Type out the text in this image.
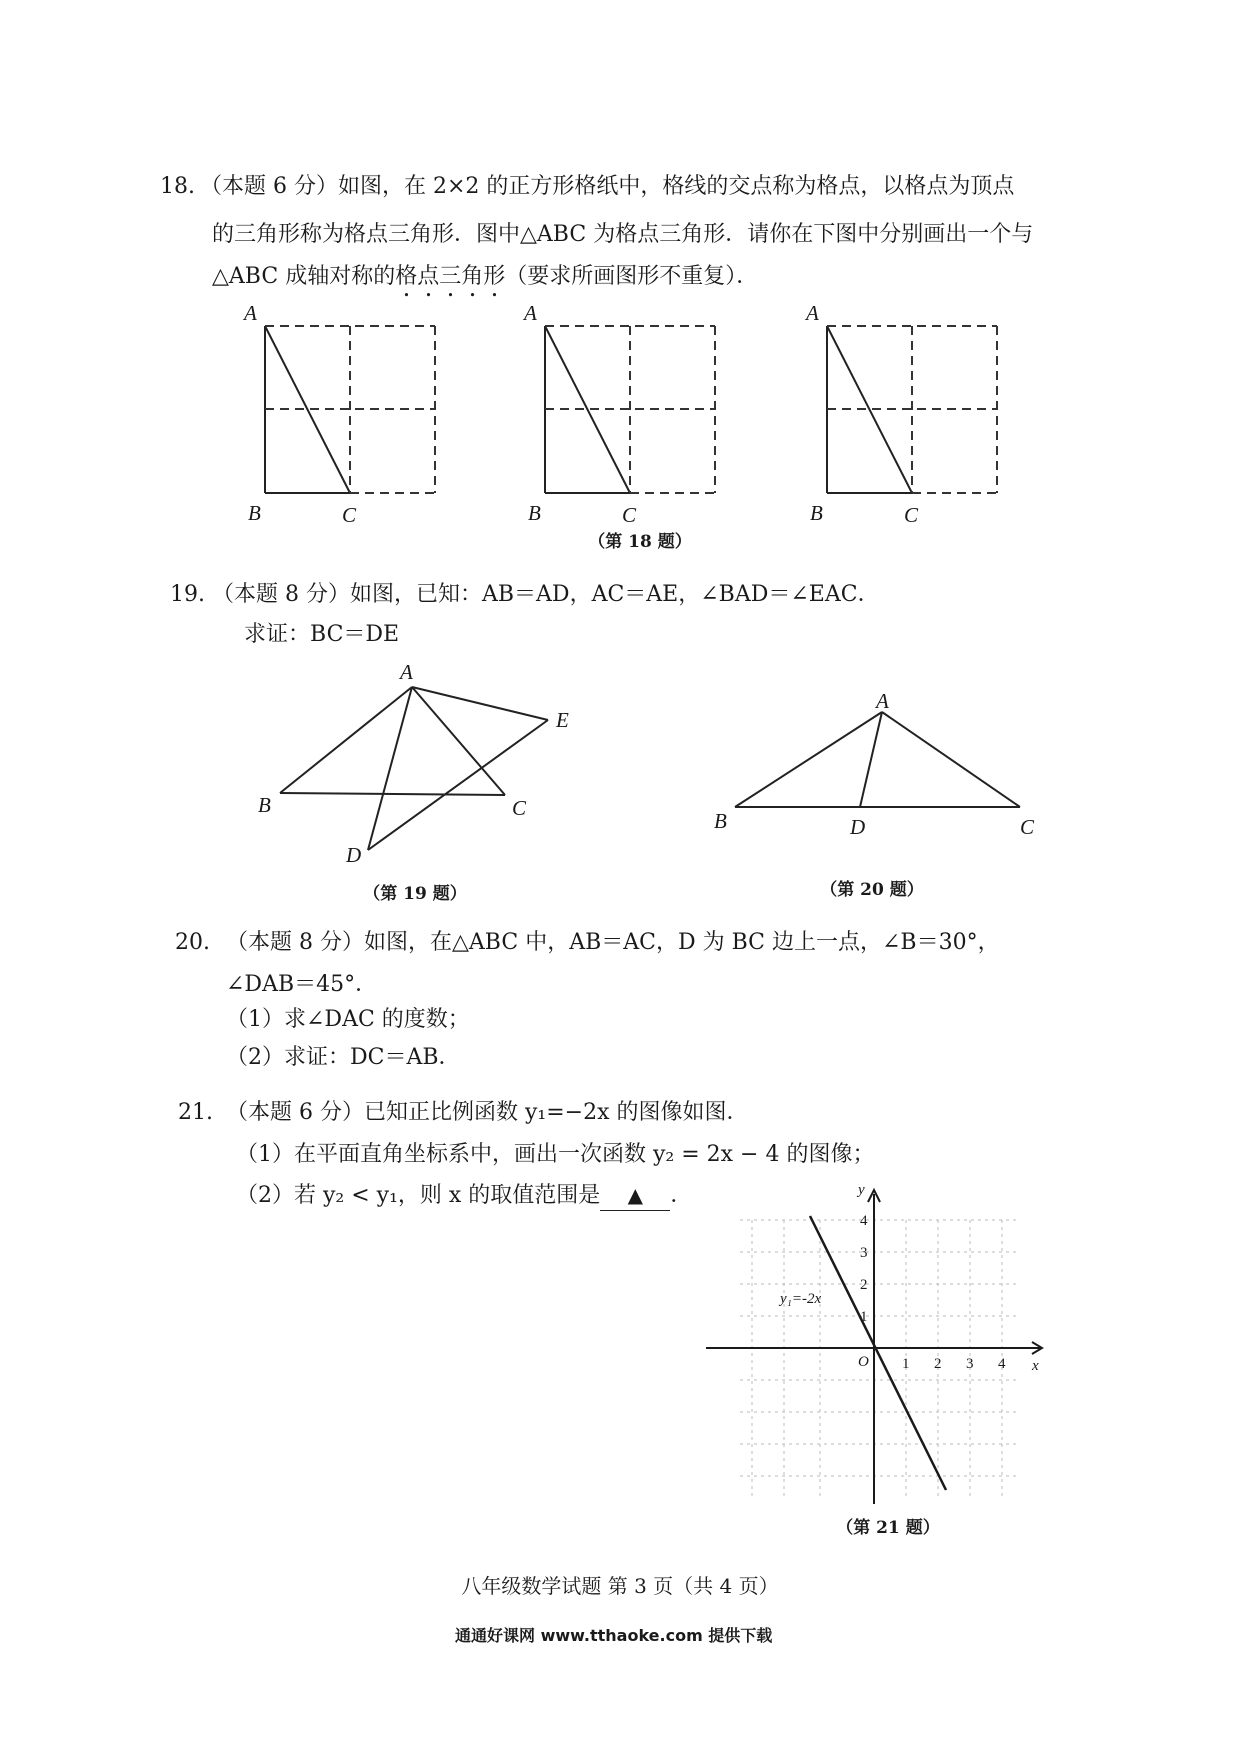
18. （本题 6 分）如图，在 2×2 的正方形格纸中，格线的交点称为格点，以格点为顶点
的三角形称为格点三角形．图中△ABC 为格点三角形．请你在下图中分别画出一个与
△ABC 成轴对称的格点三角形（要求所画图形不重复）．
A
B	C
A
B	C
A
B	C
（第 18 题）
19. （本题 8 分）如图，已知：AB＝AD，AC＝AE，∠BAD＝∠EAC．
求证：BC＝DE
A
B	C
D
E
（第 19 题）
A
B	C
D
（第 20 题）
20. （本题 8 分）如图，在△ABC 中，AB＝AC，D 为 BC 边上一点，∠B＝30°，
∠DAB＝45°．
（1）求∠DAC 的度数；
（2）求证：DC＝AB．
21. （本题 6 分）已知正比例函数 y₁=−2x 的图像如图．
（1）在平面直角坐标系中，画出一次函数 y₂ = 2x − 4 的图像；
（2）若 y₂ < y₁，则 x 的取值范围是 ▲ ．	y
x
O
4
3
2
1
1 2 3 4
y₁=-2x
（第 21 题）
八年级数学试题 第 3 页（共 4 页）
通通好课网 www.tthaoke.com 提供下载
